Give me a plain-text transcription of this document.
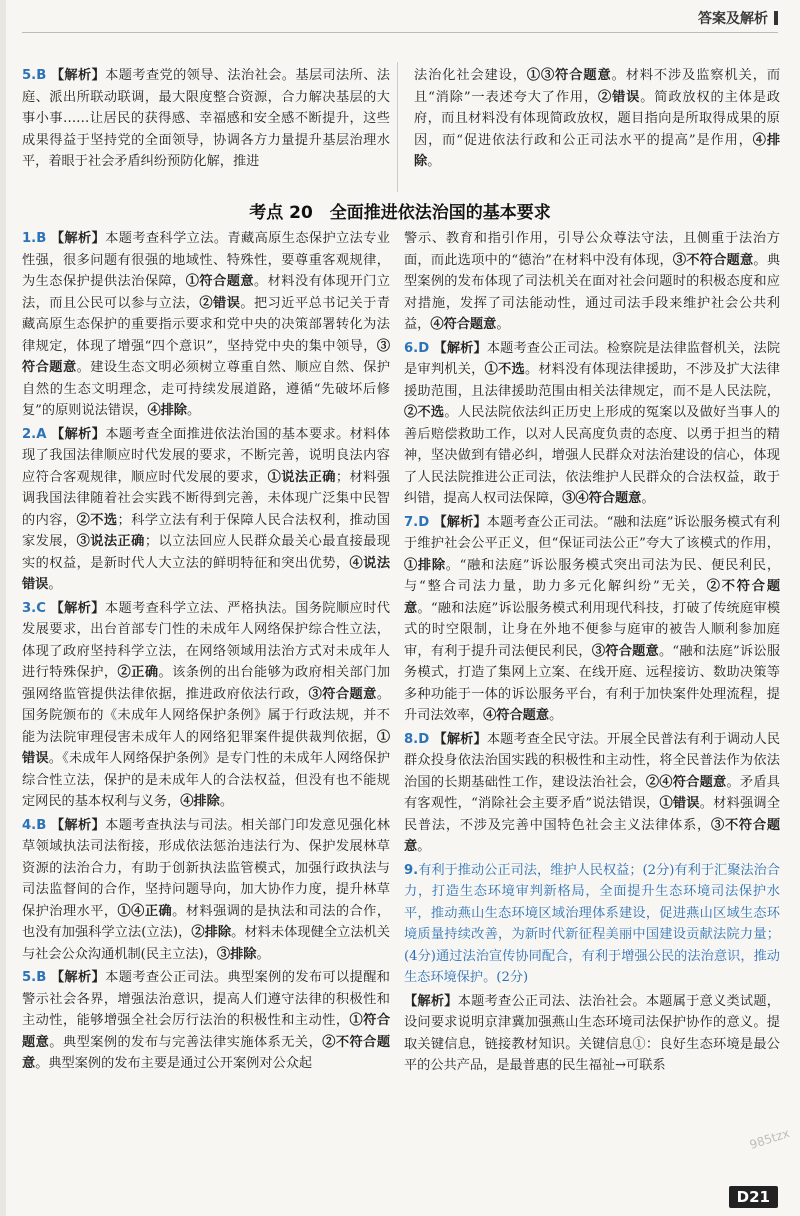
答案及解析

5.B 【解析】本题考查党的领导、法治社会。基层司法所、法庭、派出所联动联调，最大限度整合资源，合力解决基层的大事小事……让居民的获得感、幸福感和安全感不断提升，这些成果得益于坚持党的全面领导，协调各方力量提升基层治理水平，着眼于社会矛盾纠纷预防化解，推进

法治化社会建设，①③符合题意。材料不涉及监察机关，而且“消除”一表述夸大了作用，②错误。简政放权的主体是政府，而且材料没有体现简政放权，题目指向是所取得成果的原因，而“促进依法行政和公正司法水平的提高”是作用，④排除。

考点 20　全面推进依法治国的基本要求

1.B 【解析】本题考查科学立法。青藏高原生态保护立法专业性强，很多问题有很强的地域性、特殊性，要尊重客观规律，为生态保护提供法治保障，①符合题意。材料没有体现开门立法，而且公民可以参与立法，②错误。把习近平总书记关于青藏高原生态保护的重要指示要求和党中央的决策部署转化为法律规定，体现了增强“四个意识”，坚持党中央的集中领导，③符合题意。建设生态文明必须树立尊重自然、顺应自然、保护自然的生态文明理念，走可持续发展道路，遵循“先破坏后修复”的原则说法错误，④排除。

2.A 【解析】本题考查全面推进依法治国的基本要求。材料体现了我国法律顺应时代发展的要求，不断完善，说明良法内容应符合客观规律，顺应时代发展的要求，①说法正确；材料强调我国法律随着社会实践不断得到完善，未体现广泛集中民智的内容，②不选；科学立法有利于保障人民合法权利，推动国家发展，③说法正确；以立法回应人民群众最关心最直接最现实的权益，是新时代人大立法的鲜明特征和突出优势，④说法错误。

3.C 【解析】本题考查科学立法、严格执法。国务院顺应时代发展要求，出台首部专门性的未成年人网络保护综合性立法，体现了政府坚持科学立法，在网络领域用法治方式对未成年人进行特殊保护，②正确。该条例的出台能够为政府相关部门加强网络监管提供法律依据，推进政府依法行政，③符合题意。国务院颁布的《未成年人网络保护条例》属于行政法规，并不能为法院审理侵害未成年人的网络犯罪案件提供裁判依据，①错误。《未成年人网络保护条例》是专门性的未成年人网络保护综合性立法，保护的是未成年人的合法权益，但没有也不能规定网民的基本权利与义务，④排除。

4.B 【解析】本题考查执法与司法。相关部门印发意见强化林草领域执法司法衔接，形成依法惩治违法行为、保护发展林草资源的法治合力，有助于创新执法监管模式，加强行政执法与司法监督间的合作，坚持问题导向，加大协作力度，提升林草保护治理水平，①④正确。材料强调的是执法和司法的合作，也没有加强科学立法(立法)，②排除。材料未体现健全立法机关与社会公众沟通机制(民主立法)，③排除。

5.B 【解析】本题考查公正司法。典型案例的发布可以提醒和警示社会各界，增强法治意识，提高人们遵守法律的积极性和主动性，能够增强全社会厉行法治的积极性和主动性，①符合题意。典型案例的发布与完善法律实施体系无关，②不符合题意。典型案例的发布主要是通过公开案例对公众起

警示、教育和指引作用，引导公众尊法守法，且侧重于法治方面，而此选项中的“德治”在材料中没有体现，③不符合题意。典型案例的发布体现了司法机关在面对社会问题时的积极态度和应对措施，发挥了司法能动性，通过司法手段来维护社会公共利益，④符合题意。

6.D 【解析】本题考查公正司法。检察院是法律监督机关，法院是审判机关，①不选。材料没有体现法律援助，不涉及扩大法律援助范围，且法律援助范围由相关法律规定，而不是人民法院，②不选。人民法院依法纠正历史上形成的冤案以及做好当事人的善后赔偿救助工作，以对人民高度负责的态度、以勇于担当的精神，坚决做到有错必纠，增强人民群众对法治建设的信心，体现了人民法院推进公正司法，依法维护人民群众的合法权益，敢于纠错，提高人权司法保障，③④符合题意。

7.D 【解析】本题考查公正司法。“融和法庭”诉讼服务模式有利于维护社会公平正义，但“保证司法公正”夸大了该模式的作用，①排除。“融和法庭”诉讼服务模式突出司法为民、便民利民，与“整合司法力量，助力多元化解纠纷”无关，②不符合题意。“融和法庭”诉讼服务模式利用现代科技，打破了传统庭审模式的时空限制，让身在外地不便参与庭审的被告人顺利参加庭审，有利于提升司法便民利民，③符合题意。“融和法庭”诉讼服务模式，打造了集网上立案、在线开庭、远程接访、数助决策等多种功能于一体的诉讼服务平台，有利于加快案件处理流程，提升司法效率，④符合题意。

8.D 【解析】本题考查全民守法。开展全民普法有利于调动人民群众投身依法治国实践的积极性和主动性，将全民普法作为依法治国的长期基础性工作，建设法治社会，②④符合题意。矛盾具有客观性，“消除社会主要矛盾”说法错误，①错误。材料强调全民普法，不涉及完善中国特色社会主义法律体系，③不符合题意。

9.有利于推动公正司法，维护人民权益；(2分)有利于汇聚法治合力，打造生态环境审判新格局，全面提升生态环境司法保护水平，推动燕山生态环境区域治理体系建设，促进燕山区域生态环境质量持续改善，为新时代新征程美丽中国建设贡献法院力量；(4分)通过法治宣传协同配合，有利于增强公民的法治意识，推动生态环境保护。(2分)

【解析】本题考查公正司法、法治社会。本题属于意义类试题，设问要求说明京津冀加强燕山生态环境司法保护协作的意义。提取关键信息，链接教材知识。关键信息①：良好生态环境是最公平的公共产品，是最普惠的民生福祉→可联系

985tzx
D21
